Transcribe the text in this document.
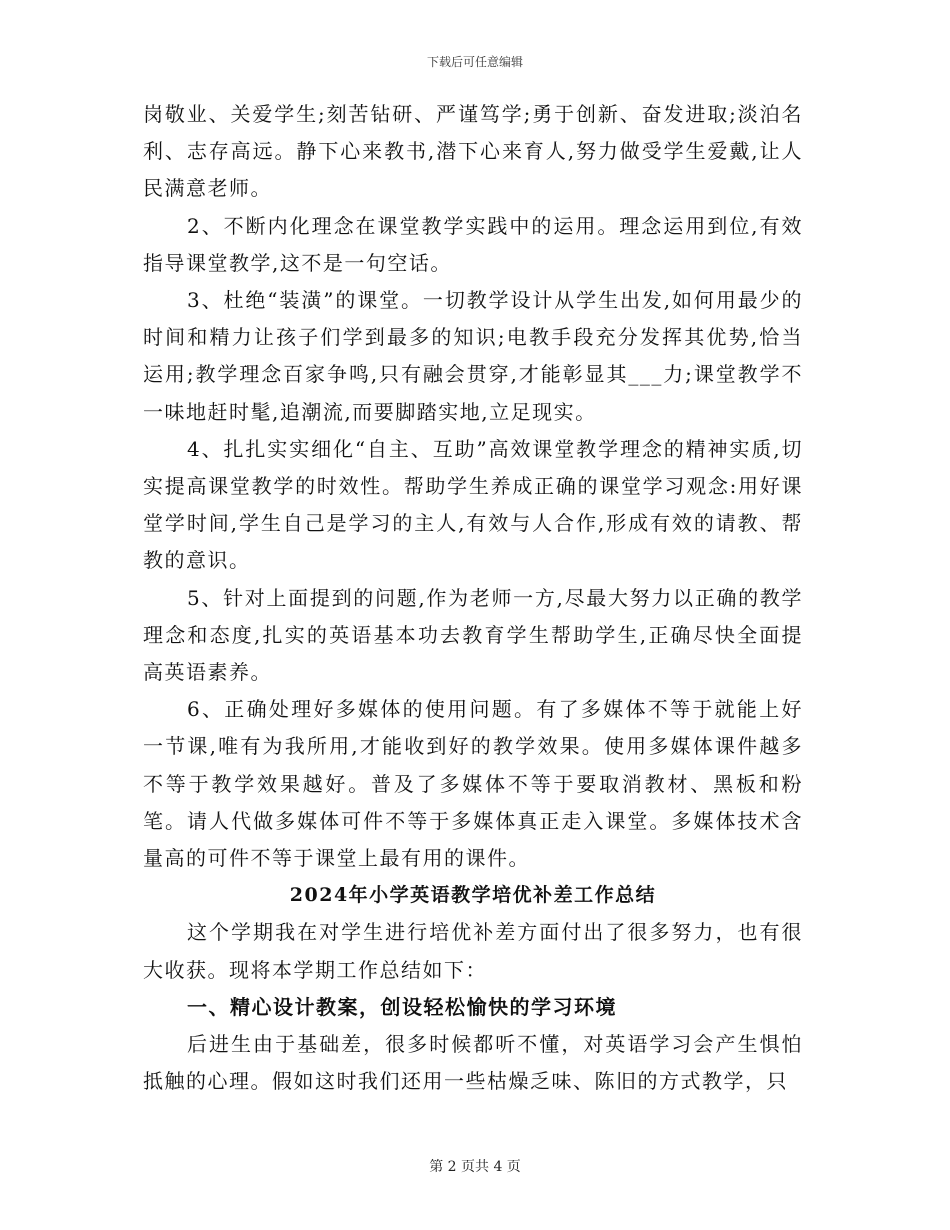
下载后可任意编辑

岗敬业、关爱学生;刻苦钻研、严谨笃学;勇于创新、奋发进取;淡泊名利、志存高远。静下心来教书,潜下心来育人,努力做受学生爱戴,让人民满意老师。

2、不断内化理念在课堂教学实践中的运用。理念运用到位,有效指导课堂教学,这不是一句空话。

3、杜绝“装潢”的课堂。一切教学设计从学生出发,如何用最少的时间和精力让孩子们学到最多的知识;电教手段充分发挥其优势,恰当运用;教学理念百家争鸣,只有融会贯穿,才能彰显其___力;课堂教学不一味地赶时髦,追潮流,而要脚踏实地,立足现实。

4、扎扎实实细化“自主、互助”高效课堂教学理念的精神实质,切实提高课堂教学的时效性。帮助学生养成正确的课堂学习观念:用好课堂学时间,学生自己是学习的主人,有效与人合作,形成有效的请教、帮教的意识。

5、针对上面提到的问题,作为老师一方,尽最大努力以正确的教学理念和态度,扎实的英语基本功去教育学生帮助学生,正确尽快全面提高英语素养。

6、正确处理好多媒体的使用问题。有了多媒体不等于就能上好一节课,唯有为我所用,才能收到好的教学效果。使用多媒体课件越多不等于教学效果越好。普及了多媒体不等于要取消教材、黑板和粉笔。请人代做多媒体可件不等于多媒体真正走入课堂。多媒体技术含量高的可件不等于课堂上最有用的课件。

2024年小学英语教学培优补差工作总结

这个学期我在对学生进行培优补差方面付出了很多努力，也有很大收获。现将本学期工作总结如下：

一、精心设计教案，创设轻松愉快的学习环境

后进生由于基础差，很多时候都听不懂，对英语学习会产生惧怕抵触的心理。假如这时我们还用一些枯燥乏味、陈旧的方式教学，只

第 2 页共 4 页
